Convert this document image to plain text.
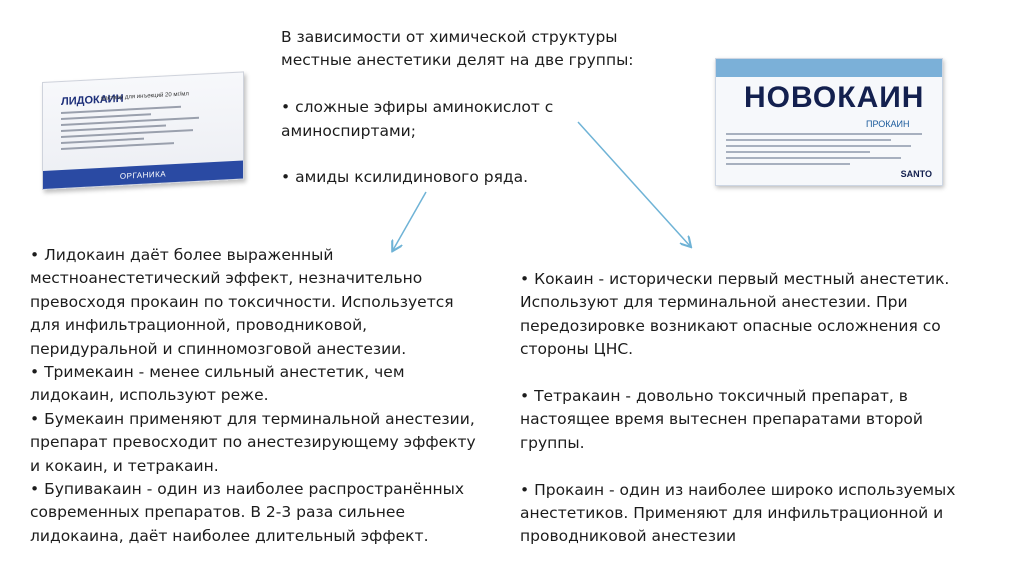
ЛИДОКАИН
раствор для инъекций 20 мг/мл
ОРГАНИКА
В зависимости от химической структуры
местные анестетики делят на две группы:
• сложные эфиры аминокислот с
аминоспиртами;
• амиды ксилидинового ряда.
НОВОКАИН
ПРОКАИН
SANTO
• Лидокаин даёт более выраженный
местноанестетический эффект, незначительно
превосходя прокаин по токсичности. Используется
для инфильтрационной, проводниковой,
перидуральной и спинномозговой анестезии.
• Тримекаин - менее сильный анестетик, чем
лидокаин, используют реже.
• Бумекаин применяют для терминальной анестезии,
препарат превосходит по анестезирующему эффекту
и кокаин, и тетракаин.
• Бупивакаин - один из наиболее распространённых
современных препаратов. В 2-3 раза сильнее
лидокаина, даёт наиболее длительный эффект.
• Кокаин - исторически первый местный анестетик.
Используют для терминальной анестезии. При
передозировке возникают опасные осложнения со
стороны ЦНС.
• Тетракаин - довольно токсичный препарат, в
настоящее время вытеснен препаратами второй
группы.
• Прокаин - один из наиболее широко используемых
анестетиков. Применяют для инфильтрационной и
проводниковой анестезии
